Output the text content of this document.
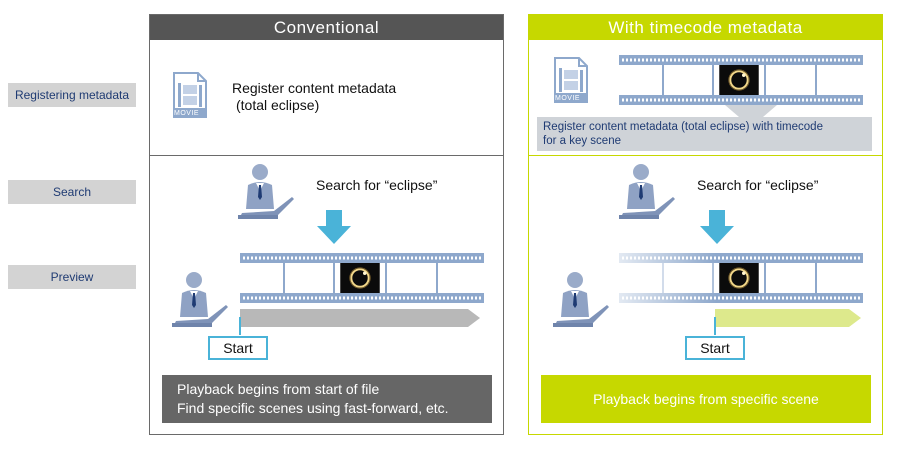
Registering metadata
Search
Preview
Conventional
MOVIE
Register content metadata
(total eclipse)
Search for “eclipse”
Start
Playback begins from start of file
Find specific scenes using fast-forward, etc.
With timecode metadata
MOVIE
Register content metadata (total eclipse) with timecode
for a key scene
Search for “eclipse”
Start
Playback begins from specific scene
